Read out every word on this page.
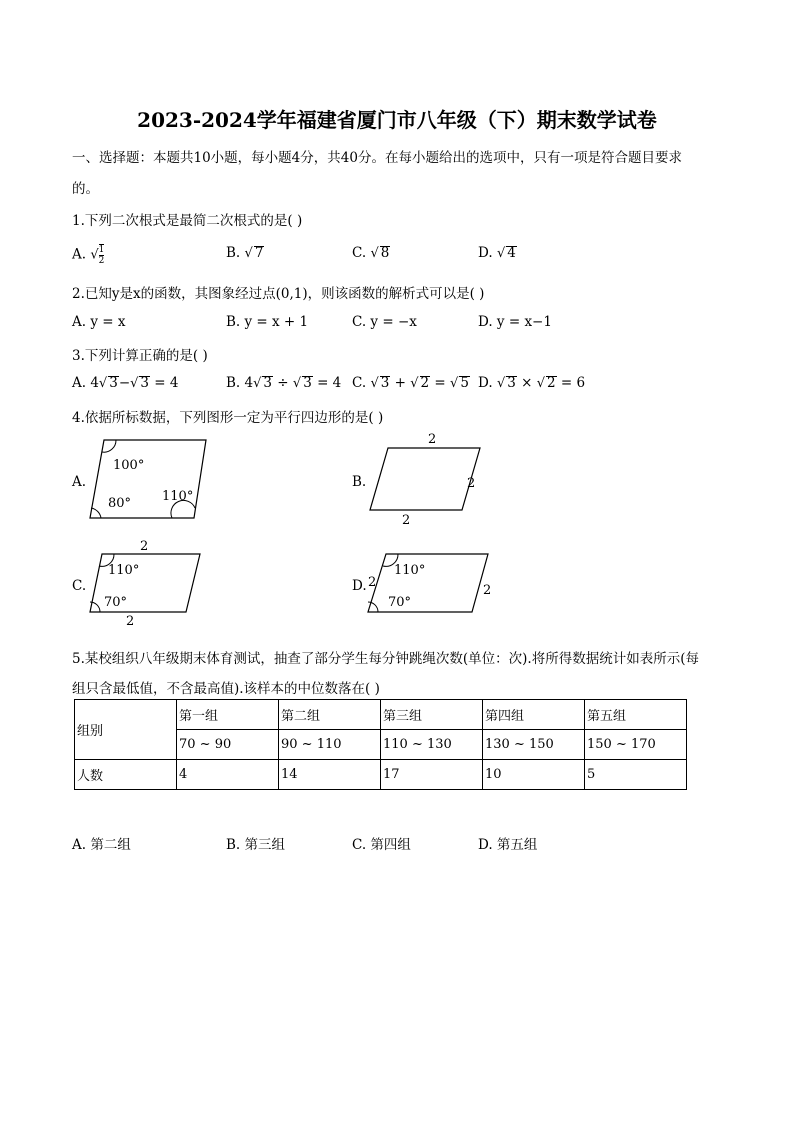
2023-2024学年福建省厦门市八年级（下）期末数学试卷
一、选择题：本题共10小题，每小题4分，共40分。在每小题给出的选项中，只有一项是符合题目要求
的。
1.下列二次根式是最简二次根式的是( )
A. √ $\frac{1}{2}$	B. √ 7	C. √ 8	D. √ 4
2.已知y是x的函数，其图象经过点(0,1)，则该函数的解析式可以是( )
A. y = x	B. y = x + 1	C. y = −x	D. y = x−1
3.下列计算正确的是( )
A. 4√ 3−√ 3 = 4	B. 4√ 3 ÷ √ 3 = 4 C. √ 3 + √ 2 = √ 5 D. √ 3 × √ 2 = 6
4.依据所标数据，下列图形一定为平行四边形的是( )
A.
100°
80° 110°
B.
2
2
2
C.
2
110°
70°
2
D. 2
110°
70°
2
5.某校组织八年级期末体育测试，抽查了部分学生每分钟跳绳次数(单位：次).将所得数据统计如表所示(每
组只含最低值，不含最高值).该样本的中位数落在( )
组别	第一组	第二组	第三组	第四组	第五组
	70 ~ 90	90 ~ 110	110 ~ 130	130 ~ 150	150 ~ 170
人数	4	14	17	10	5
A. 第二组	B. 第三组	C. 第四组	D. 第五组
